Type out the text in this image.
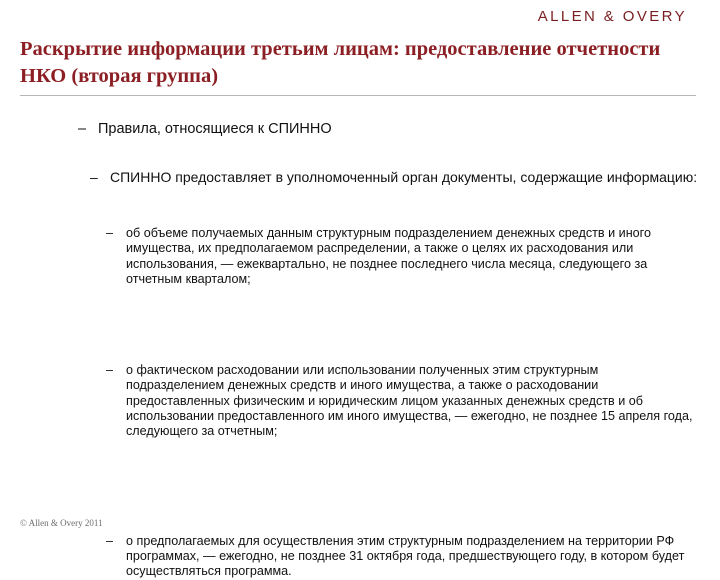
ALLEN & OVERY
Раскрытие информации третьим лицам: предоставление отчетности НКО (вторая группа)
– Правила, относящиеся к СПИННО
– СПИННО предоставляет в уполномоченный орган документы, содержащие информацию:
– об объеме получаемых данным структурным подразделением денежных средств и иного имущества, их предполагаемом распределении, а также о целях их расходования или использования, — ежеквартально, не позднее последнего числа месяца, следующего за отчетным кварталом;
– о фактическом расходовании или использовании полученных этим структурным подразделением денежных средств и иного имущества, а также о расходовании предоставленных физическим и юридическим лицом указанных денежных средств и об использовании предоставленного им иного имущества, — ежегодно, не позднее 15 апреля года, следующего за отчетным;
– о предполагаемых для осуществления этим структурным подразделением на территории РФ программах, — ежегодно, не позднее 31 октября года, предшествующего году, в котором будет осуществляться программа.
© Allen & Overy 2011
